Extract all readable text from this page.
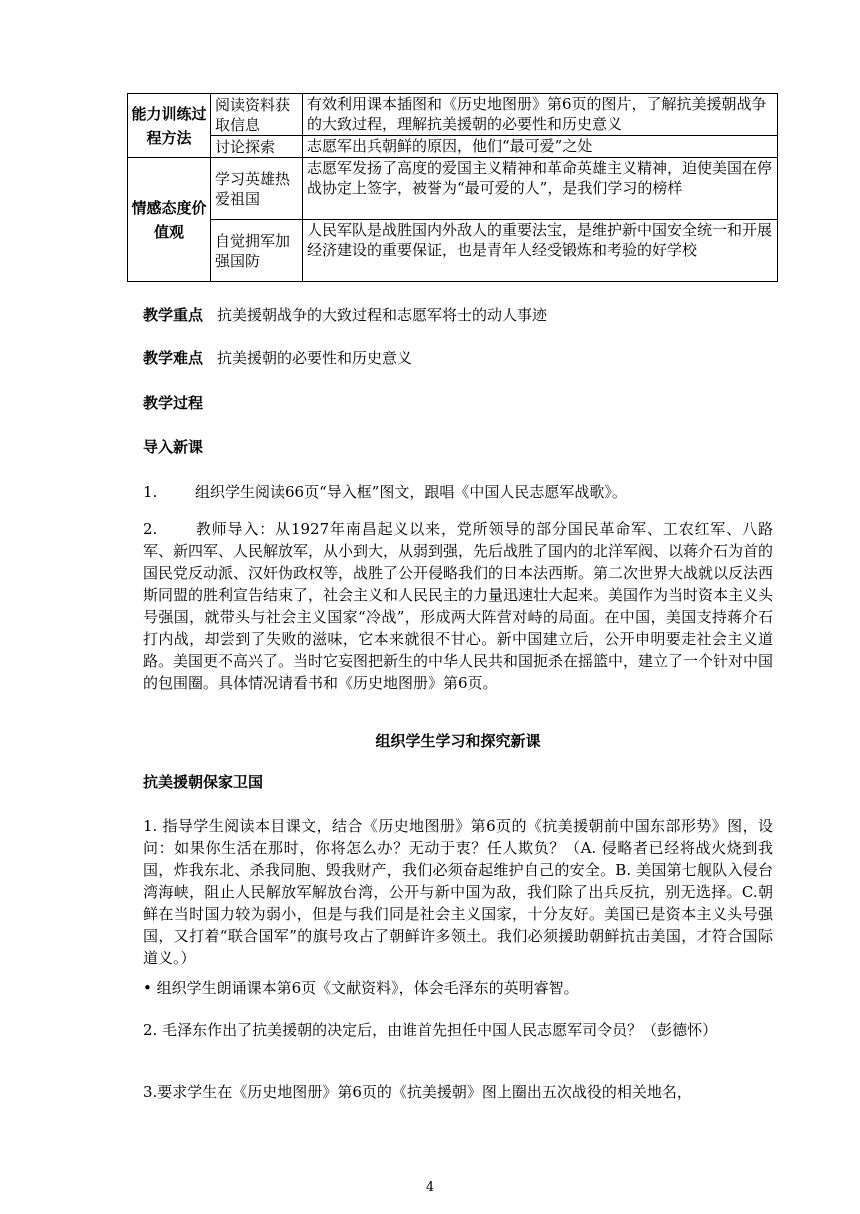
能力训练过程方法	阅读资料获取信息	有效利用课本插图和《历史地图册》第6页的图片，了解抗美援朝战争的大致过程，理解抗美援朝的必要性和历史意义
	讨论探索	志愿军出兵朝鲜的原因，他们“最可爱”之处
情感态度价 值观	学习英雄热爱祖国	志愿军发扬了高度的爱国主义精神和革命英雄主义精神，迫使美国在停战协定上签字，被誉为“最可爱的人”，是我们学习的榜样
	自觉拥军加强国防	人民军队是战胜国内外敌人的重要法宝，是维护新中国安全统一和开展经济建设的重要保证，也是青年人经受锻炼和考验的好学校
教学重点 抗美援朝战争的大致过程和志愿军将士的动人事迹
教学难点 抗美援朝的必要性和历史意义
教学过程
导入新课
1.	组织学生阅读66页“导入框”图文，跟唱《中国人民志愿军战歌》。
2.	教师导入：从1927年南昌起义以来，党所领导的部分国民革命军、工农红军、八路军、新四军、人民解放军，从小到大，从弱到强，先后战胜了国内的北洋军阀、以蒋介石为首的国民党反动派、汉奸伪政权等，战胜了公开侵略我们的日本法西斯。第二次世界大战就以反法西斯同盟的胜利宣告结束了，社会主义和人民民主的力量迅速壮大起来。美国作为当时资本主义头号强国，就带头与社会主义国家“冷战”，形成两大阵营对峙的局面。在中国，美国支持蒋介石打内战，却尝到了失败的滋味，它本来就很不甘心。新中国建立后，公开申明要走社会主义道路。美国更不高兴了。当时它妄图把新生的中华人民共和国扼杀在摇篮中，建立了一个针对中国的包围圈。具体情况请看书和《历史地图册》第6页。
组织学生学习和探究新课
抗美援朝保家卫国
1. 指导学生阅读本目课文，结合《历史地图册》第6页的《抗美援朝前中国东部形势》图，设问：如果你生活在那时，你将怎么办？无动于衷？任人欺负？（A. 侵略者已经将战火烧到我国，炸我东北、杀我同胞、毁我财产，我们必须奋起维护自己的安全。B. 美国第七舰队入侵台湾海峡，阻止人民解放军解放台湾，公开与新中国为敌，我们除了出兵反抗，别无选择。C.朝鲜在当时国力较为弱小，但是与我们同是社会主义国家，十分友好。美国已是资本主义头号强国，又打着“联合国军”的旗号攻占了朝鲜许多领土。我们必须援助朝鲜抗击美国，才符合国际道义。）
• 组织学生朗诵课本第6页《文献资料》，体会毛泽东的英明睿智。
2. 毛泽东作出了抗美援朝的决定后，由谁首先担任中国人民志愿军司令员？（彭德怀）
3.要求学生在《历史地图册》第6页的《抗美援朝》图上圈出五次战役的相关地名，
4
